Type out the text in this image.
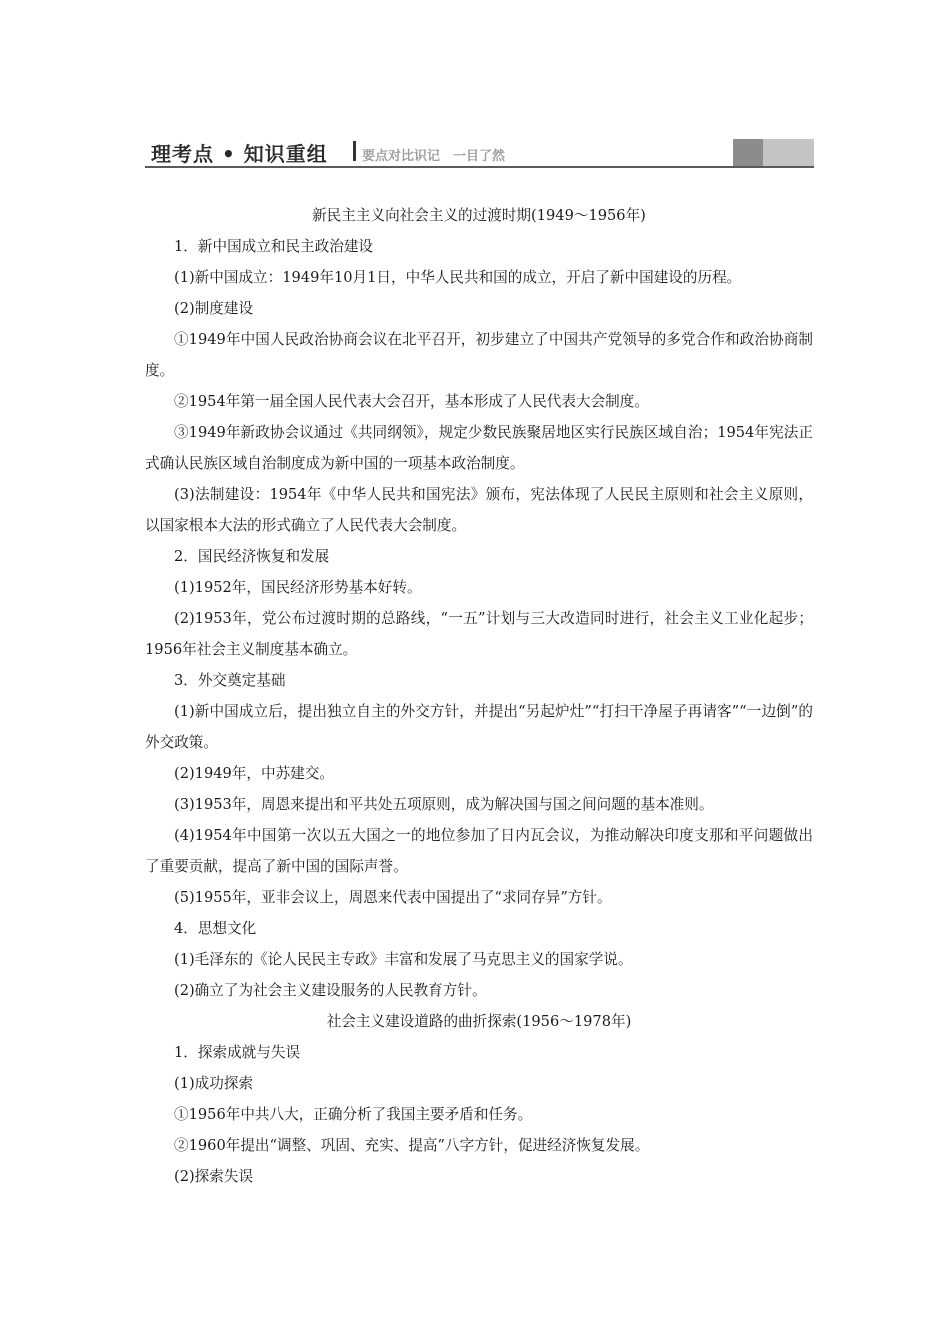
理考点 • 知识重组	要点对比识记　一目了然

新民主主义向社会主义的过渡时期(1949～1956年)

1．新中国成立和民主政治建设

(1)新中国成立：1949年10月1日，中华人民共和国的成立，开启了新中国建设的历程。

(2)制度建设

①1949年中国人民政治协商会议在北平召开，初步建立了中国共产党领导的多党合作和政治协商制度。

②1954年第一届全国人民代表大会召开，基本形成了人民代表大会制度。

③1949年新政协会议通过《共同纲领》，规定少数民族聚居地区实行民族区域自治；1954年宪法正式确认民族区域自治制度成为新中国的一项基本政治制度。

(3)法制建设：1954年《中华人民共和国宪法》颁布，宪法体现了人民民主原则和社会主义原则，以国家根本大法的形式确立了人民代表大会制度。

2．国民经济恢复和发展

(1)1952年，国民经济形势基本好转。

(2)1953年，党公布过渡时期的总路线，“一五”计划与三大改造同时进行，社会主义工业化起步；1956年社会主义制度基本确立。

3．外交奠定基础

(1)新中国成立后，提出独立自主的外交方针，并提出“另起炉灶”“打扫干净屋子再请客”“一边倒”的外交政策。

(2)1949年，中苏建交。

(3)1953年，周恩来提出和平共处五项原则，成为解决国与国之间问题的基本准则。

(4)1954年中国第一次以五大国之一的地位参加了日内瓦会议，为推动解决印度支那和平问题做出了重要贡献，提高了新中国的国际声誉。

(5)1955年，亚非会议上，周恩来代表中国提出了“求同存异”方针。

4．思想文化

(1)毛泽东的《论人民民主专政》丰富和发展了马克思主义的国家学说。

(2)确立了为社会主义建设服务的人民教育方针。

社会主义建设道路的曲折探索(1956～1978年)

1．探索成就与失误

(1)成功探索

①1956年中共八大，正确分析了我国主要矛盾和任务。

②1960年提出“调整、巩固、充实、提高”八字方针，促进经济恢复发展。

(2)探索失误
